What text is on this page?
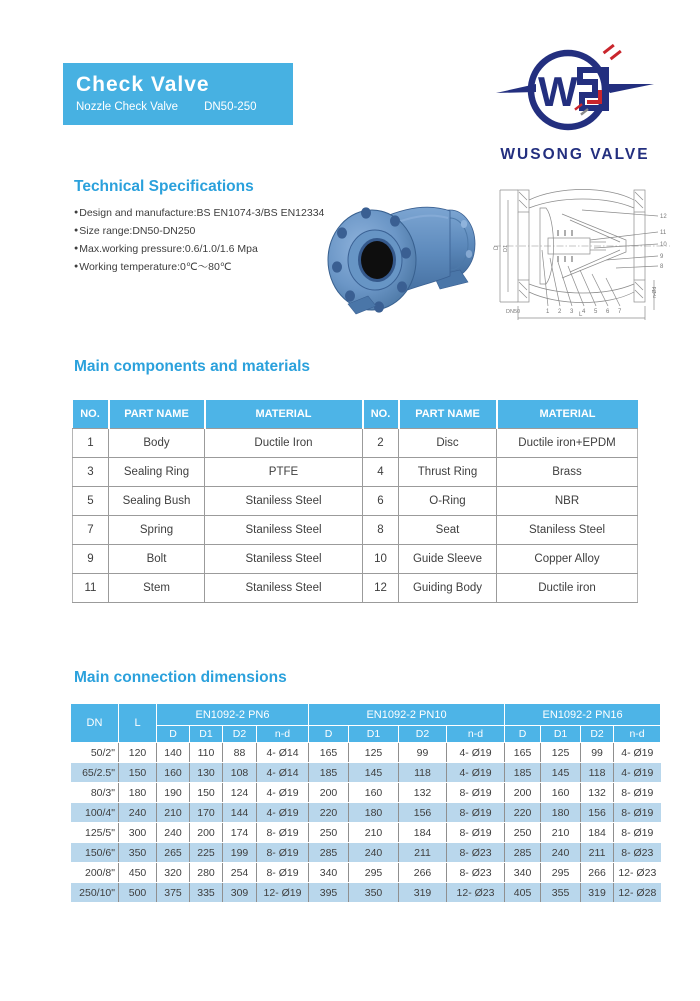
Check Valve
Nozzle Check Valve DN50-250	W
WUSONG VALVE
Technical Specifications
● Design and manufacture:BS EN1074-3/BS EN12334
● Size range:DN50-DN250
● Max.working pressure:0.6/1.0/1.6 Mpa
● Working temperature:0℃～80℃
D D1
DN50	L
n-Ød
12
11
10
9
8
1 2 3 4 5 6 7
Main components and materials
NO.	PART NAME	MATERIAL	NO.	PART NAME	MATERIAL
1	Body	Ductile Iron	2	Disc	Ductile iron+EPDM
3	Sealing Ring	PTFE	4	Thrust Ring	Brass
5	Sealing Bush	Staniless Steel	6	O-Ring	NBR
7	Spring	Staniless Steel	8	Seat	Staniless Steel
9	Bolt	Staniless Steel	10	Guide Sleeve	Copper Alloy
11	Stem	Staniless Steel	12	Guiding Body	Ductile iron
Main connection dimensions
DN	L	EN1092-2 PN6				EN1092-2 PN10				EN1092-2 PN16			
		D	D1	D2	n-d	D	D1	D2	n-d	D	D1	D2	n-d
50/2"	120	140	110	88	4- Ø14	165	125	99	4- Ø19	165	125	99	4- Ø19
65/2.5"	150	160	130	108	4- Ø14	185	145	118	4- Ø19	185	145	118	4- Ø19
80/3"	180	190	150	124	4- Ø19	200	160	132	8- Ø19	200	160	132	8- Ø19
100/4"	240	210	170	144	4- Ø19	220	180	156	8- Ø19	220	180	156	8- Ø19
125/5"	300	240	200	174	8- Ø19	250	210	184	8- Ø19	250	210	184	8- Ø19
150/6"	350	265	225	199	8- Ø19	285	240	211	8- Ø23	285	240	211	8- Ø23
200/8"	450	320	280	254	8- Ø19	340	295	266	8- Ø23	340	295	266	12- Ø23
250/10"	500	375	335	309	12- Ø19	395	350	319	12- Ø23	405	355	319	12- Ø28
